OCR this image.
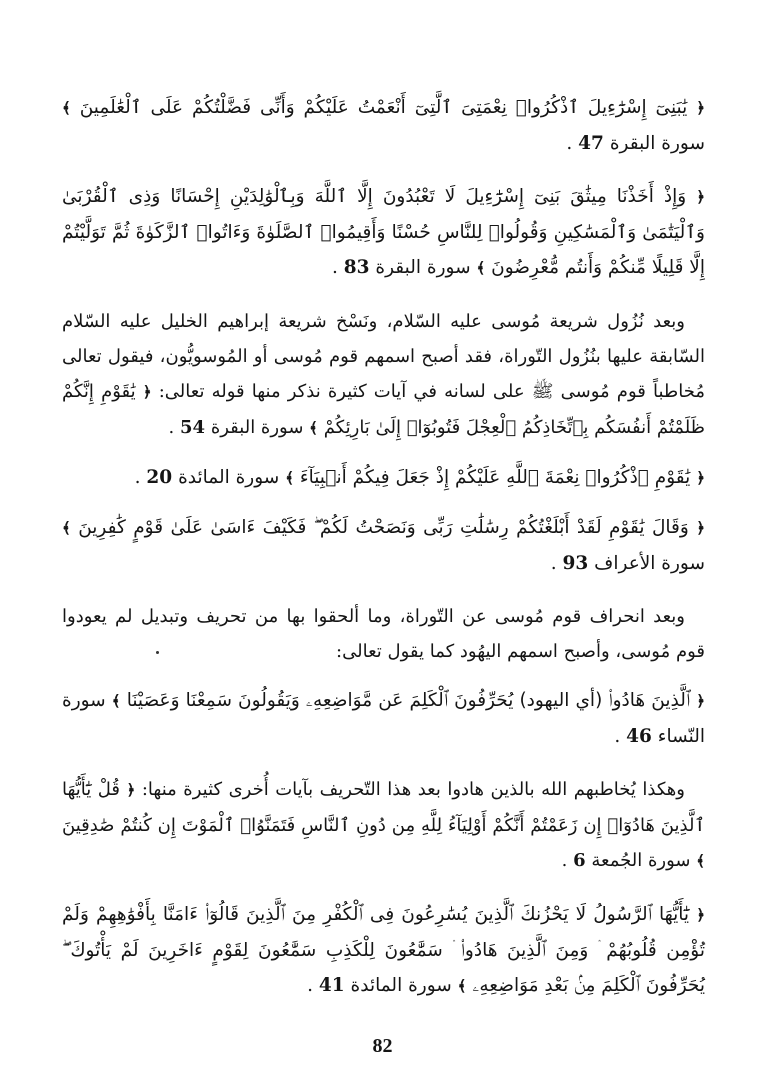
﴿ يَٰبَنِىٓ إِسْرَٰٓءِيلَ ٱذْكُرُوا۟ نِعْمَتِىَ ٱلَّتِىٓ أَنْعَمْتُ عَلَيْكُمْ وَأَنِّى فَضَّلْتُكُمْ عَلَى ٱلْعَٰلَمِينَ ﴾ سورة البقرة 47 .

﴿ وَإِذْ أَخَذْنَا مِيثَٰقَ بَنِىٓ إِسْرَٰٓءِيلَ لَا تَعْبُدُونَ إِلَّا ٱللَّهَ وَبِٱلْوَٰلِدَيْنِ إِحْسَانًا وَذِى ٱلْقُرْبَىٰ وَٱلْيَتَٰمَىٰ وَٱلْمَسَٰكِينِ وَقُولُوا۟ لِلنَّاسِ حُسْنًا وَأَقِيمُوا۟ ٱلصَّلَوٰةَ وَءَاتُوا۟ ٱلزَّكَوٰةَ ثُمَّ تَوَلَّيْتُمْ إِلَّا قَلِيلًا مِّنكُمْ وَأَنتُم مُّعْرِضُونَ ﴾ سورة البقرة 83 .

وبعد نُزُول شريعة مُوسى عليه السّلام، ونَسْخ شريعة إبراهيم الخليل عليه السّلام السّابقة عليها بنُزُول التّوراة، فقد أصبح اسمهم قوم مُوسى أو المُوسويُّون، فيقول تعالى مُخاطباً قوم مُوسى ﷺ على لسانه في آيات كثيرة نذكر منها قوله تعالى: ﴿ يَٰقَوْمِ إِنَّكُمْ ظَلَمْتُمْ أَنفُسَكُم بِٱتِّخَاذِكُمُ ٱلْعِجْلَ فَتُوبُوٓا۟ إِلَىٰ بَارِئِكُمْ ﴾ سورة البقرة 54 .

﴿ يَٰقَوْمِ ٱذْكُرُوا۟ نِعْمَةَ ٱللَّهِ عَلَيْكُمْ إِذْ جَعَلَ فِيكُمْ أَنۢبِيَآءَ ﴾ سورة المائدة 20 .

﴿ وَقَالَ يَٰقَوْمِ لَقَدْ أَبْلَغْتُكُمْ رِسَٰلَٰتِ رَبِّى وَنَصَحْتُ لَكُمْ ۖ فَكَيْفَ ءَاسَىٰ عَلَىٰ قَوْمٍ كَٰفِرِينَ ﴾ سورة الأعراف 93 .

وبعد انحراف قوم مُوسى عن التّوراة، وما ألحقوا بها من تحريف وتبديل لم يعودوا قوم مُوسى، وأصبح اسمهم اليهُود كما يقول تعالى:

﴿ ٱلَّذِينَ هَادُوا۟ (أي اليهود) يُحَرِّفُونَ ٱلْكَلِمَ عَن مَّوَاضِعِهِۦ وَيَقُولُونَ سَمِعْنَا وَعَصَيْنَا ﴾ سورة النّساء 46 .

وهكذا يُخاطبهم الله بالذين هادوا بعد هذا التّحريف بآيات أُخرى كثيرة منها: ﴿ قُلْ يَٰٓأَيُّهَا ٱلَّذِينَ هَادُوٓا۟ إِن زَعَمْتُمْ أَنَّكُمْ أَوْلِيَآءُ لِلَّهِ مِن دُونِ ٱلنَّاسِ فَتَمَنَّوُا۟ ٱلْمَوْتَ إِن كُنتُمْ صَٰدِقِينَ ﴾ سورة الجُمعة 6 .

﴿ يَٰٓأَيُّهَا ٱلرَّسُولُ لَا يَحْزُنكَ ٱلَّذِينَ يُسَٰرِعُونَ فِى ٱلْكُفْرِ مِنَ ٱلَّذِينَ قَالُوٓا۟ ءَامَنَّا بِأَفْوَٰهِهِمْ وَلَمْ تُؤْمِن قُلُوبُهُمْ ۛ وَمِنَ ٱلَّذِينَ هَادُوا۟ ۛ سَمَّٰعُونَ لِلْكَذِبِ سَمَّٰعُونَ لِقَوْمٍ ءَاخَرِينَ لَمْ يَأْتُوكَ ۖ يُحَرِّفُونَ ٱلْكَلِمَ مِنۢ بَعْدِ مَوَاضِعِهِۦ ﴾ سورة المائدة 41 .

82
